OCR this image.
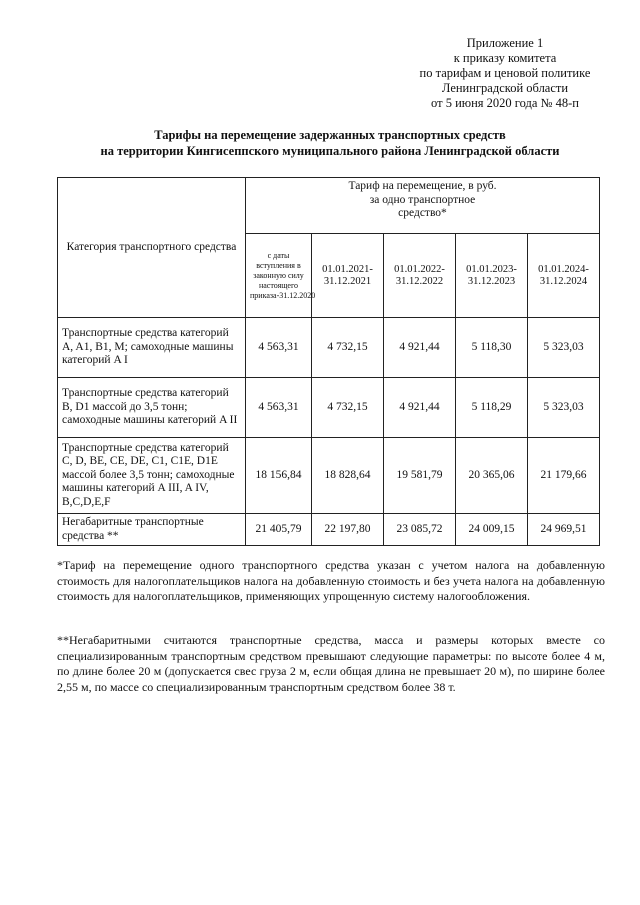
Приложение 1
к приказу комитета
по тарифам и ценовой политике
Ленинградской области
от 5 июня 2020 года № 48-п
Тарифы на перемещение задержанных транспортных средств
на территории Кингисеппского муниципального района Ленинградской области
Категория транспортного средства	Тариф на перемещение, в руб. за одно транспортное средство*				
	с даты вступления в законную силу настоящего приказа-31.12.2020	01.01.2021-31.12.2021	01.01.2022-31.12.2022	01.01.2023-31.12.2023	01.01.2024-31.12.2024
Транспортные средства категорий A, A1, B1, M; самоходные машины категорий A I	4 563,31	4 732,15	4 921,44	5 118,30	5 323,03
Транспортные средства категорий B, D1 массой до 3,5 тонн; самоходные машины категорий A II	4 563,31	4 732,15	4 921,44	5 118,29	5 323,03
Транспортные средства категорий C, D, BE, CE, DE, C1, C1E, D1E массой более 3,5 тонн; самоходные машины категорий A III, A IV, B,C,D,E,F	18 156,84	18 828,64	19 581,79	20 365,06	21 179,66
Негабаритные транспортные средства **	21 405,79	22 197,80	23 085,72	24 009,15	24 969,51

*Тариф на перемещение одного транспортного средства указан с учетом налога на добавленную стоимость для налогоплательщиков налога на добавленную стоимость и без учета налога на добавленную стоимость для налогоплательщиков, применяющих упрощенную систему налогообложения.

**Негабаритными считаются транспортные средства, масса и размеры которых вместе со специализированным транспортным средством превышают следующие параметры: по высоте более 4 м, по длине более 20 м (допускается свес груза 2 м, если общая длина не превышает 20 м), по ширине более 2,55 м, по массе со специализированным транспортным средством более 38 т.
